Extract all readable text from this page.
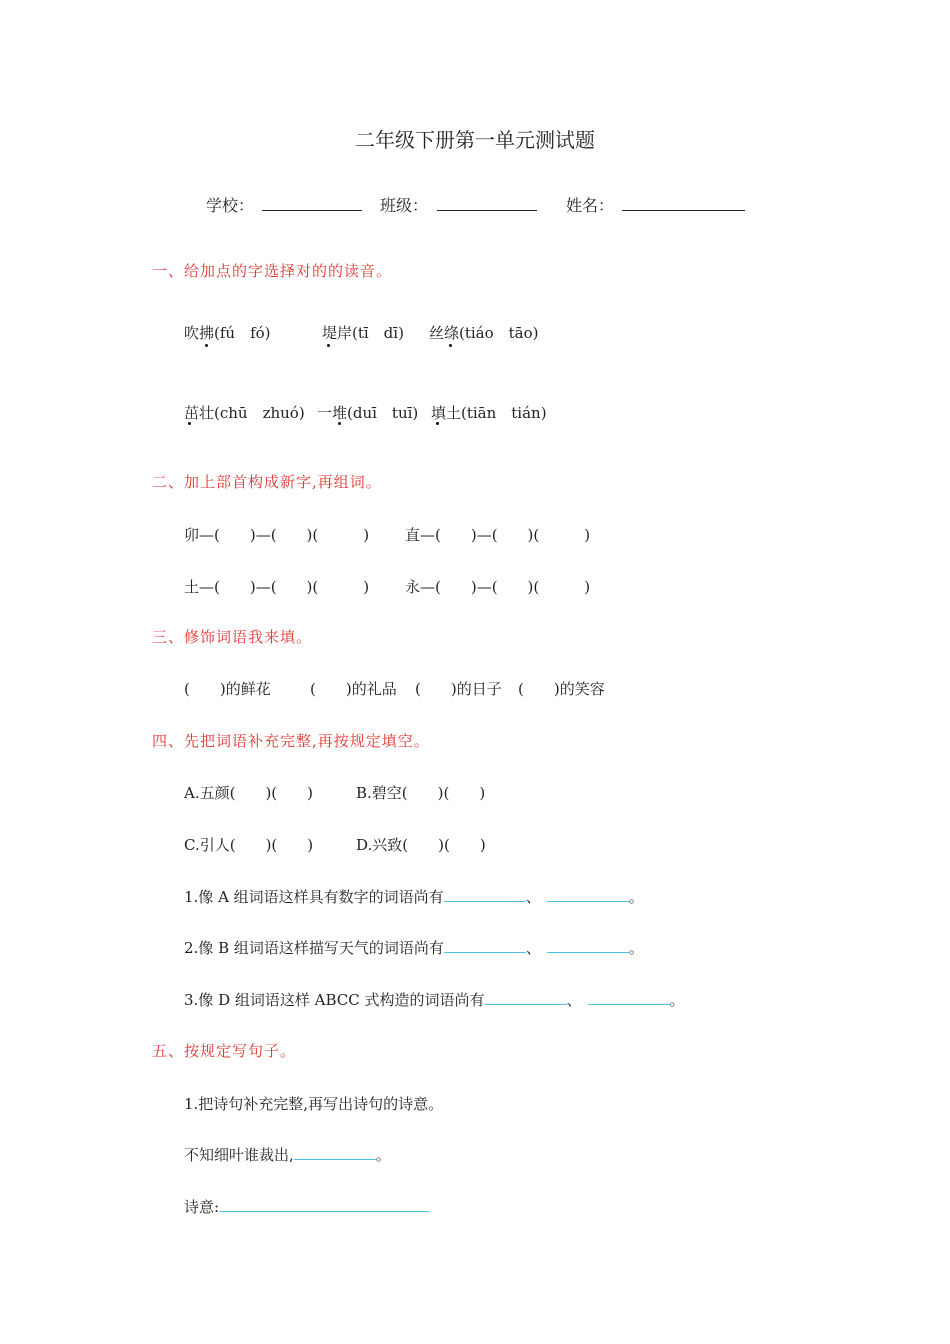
二年级下册第一单元测试题
学校：	班级：	姓名：
一、给加点的字选择对的的读音。
吹拂(fú　fó)	堤岸(tī　dī) 丝绦(tiáo　tāo)
茁壮(chū　zhuó) 一堆(duī　tuī) 填土(tiān　tián)
二、加上部首构成新字,再组词。
卯—(　　)—(　　)(　　　) 直—(　　)—(　　)(　　　)
土—(　　)—(　　)(　　　) 永—(　　)—(　　)(　　　)
三、修饰词语我来填。
(　　)的鲜花	(　　)的礼品 (　　)的日子 (　　)的笑容
四、先把词语补充完整,再按规定填空。
A.五颜(　　)(　　)	B.碧空(　　)(　　)
C.引人(　　)(　　)	D.兴致(　　)(　　)
1.像 A 组词语这样具有数字的词语尚有	、	。
2.像 B 组词语这样描写天气的词语尚有	、	。
3.像 D 组词语这样 ABCC 式构造的词语尚有	、	。
五、按规定写句子。
1.把诗句补充完整,再写出诗句的诗意。
不知细叶谁裁出,	。
诗意:
